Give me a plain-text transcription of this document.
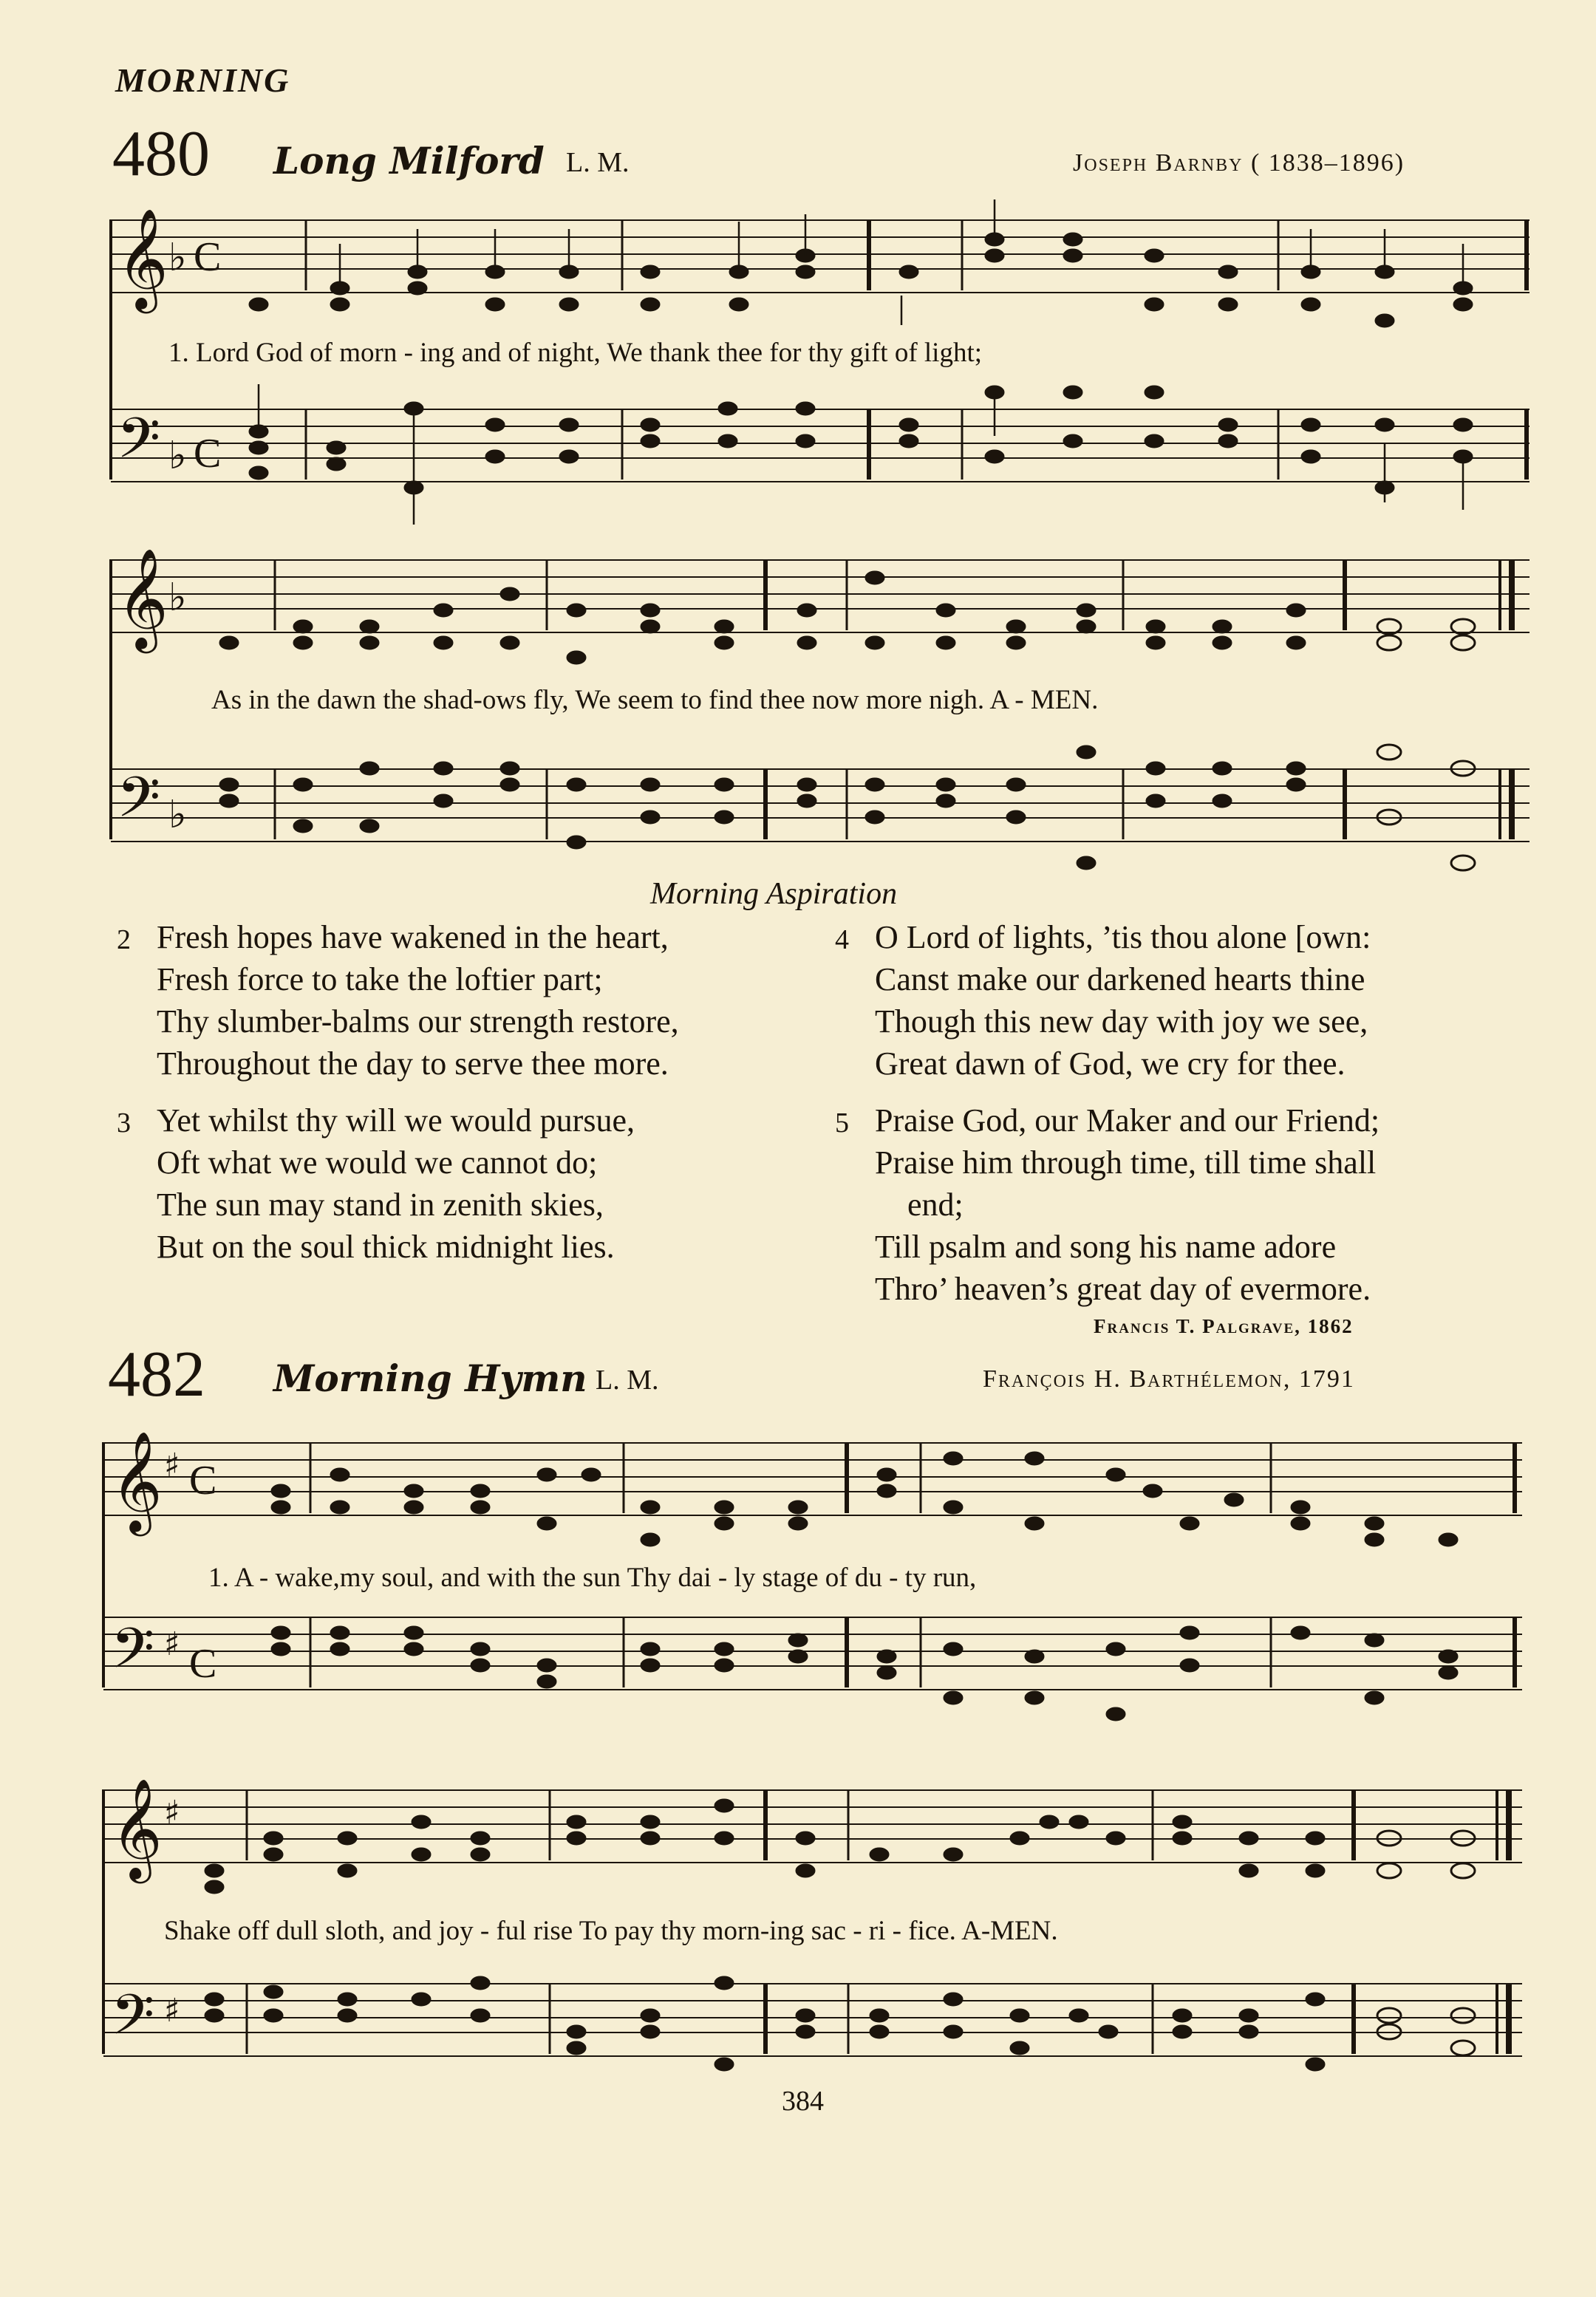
MORNING
480 Long Milford L. M.	Joseph Barnby ( 1838–1896)
𝄞 ♭ C
𝄢 ♭ C
𝄞 ♭
𝄢 ♭
1. Lord God of morn - ing and of night, We thank thee for thy gift of light;
As in the dawn the shad-ows fly, We seem to find thee now more nigh. A - MEN.
Morning Aspiration
2 Fresh hopes have wakened in the heart,
Fresh force to take the loftier part;
Thy slumber-balms our strength restore,
Throughout the day to serve thee more.
3 Yet whilst thy will we would pursue,
Oft what we would we cannot do;
The sun may stand in zenith skies,
But on the soul thick midnight lies.
4 O Lord of lights, ’tis thou alone [own:
Canst make our darkened hearts thine
Though this new day with joy we see,
Great dawn of God, we cry for thee.
5 Praise God, our Maker and our Friend;
Praise him through time, till time shall
end;
Till psalm and song his name adore
Thro’ heaven’s great day of evermore.
Francis T. Palgrave, 1862
482 Morning Hymn L. M.	François H. Barthélemon, 1791
𝄞 ♯ C
𝄢 ♯ C
𝄞 ♯
𝄢 ♯
1. A - wake,my soul, and with the sun Thy dai - ly stage of du - ty run,
Shake off dull sloth, and joy - ful rise To pay thy morn-ing sac - ri - fice. A-MEN.
384
